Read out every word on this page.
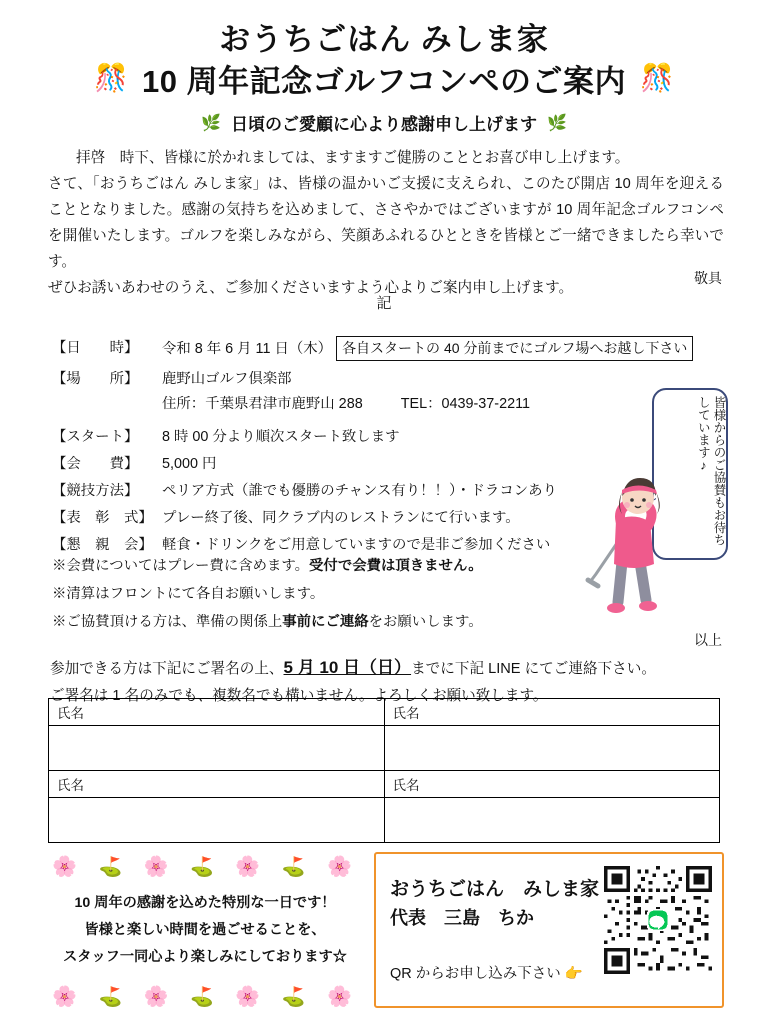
おうちごはん みしま家
🎊 10 周年記念ゴルフコンペのご案内 🎊
🌿 日頃のご愛顧に心より感謝申し上げます 🌿
拝啓　時下、皆様に於かれましては、ますますご健勝のこととお喜び申し上げます。
さて、「おうちごはん みしま家」は、皆様の温かいご支援に支えられ、このたび開店 10 周年を迎えることとなりました。感謝の気持ちを込めまして、ささやかではございますが 10 周年記念ゴルフコンペを開催いたします。ゴルフを楽しみながら、笑顔あふれるひとときを皆様とご一緒できましたら幸いです。
ぜひお誘いあわせのうえ、ご参加くださいますよう心よりご案内申し上げます。
敬具
記
【日　　時】	令和 8 年 6 月 11 日（木） 各自スタートの 40 分前までにゴルフ場へお越し下さい
【場　　所】	鹿野山ゴルフ倶楽部
住所：千葉県君津市鹿野山 288	TEL：0439-37-2211
【スタート】	8 時 00 分より順次スタート致します
【会　　費】	5,000 円
【競技方法】	ペリア方式（誰でも優勝のチャンス有り！！）・ドラコンあり
【表　彰　式】 プレー終了後、同クラブ内のレストランにて行います。
【懇　親　会】 軽食・ドリンクをご用意していますので是非ご参加ください	皆様からのご協賛もお待ちしています♪
※会費についてはプレー費に含めます。受付で会費は頂きません。
※清算はフロントにて各自お願いします。
※ご協賛頂ける方は、準備の関係上事前にご連絡をお願いします。
以上
参加できる方は下記にご署名の上、5 月 10 日（日）までに下記 LINE にてご連絡下さい。
ご署名は 1 名のみでも、複数名でも構いません。よろしくお願い致します。
氏名	氏名

氏名	氏名

🌸 ⛳ 🌸 ⛳ 🌸 ⛳ 🌸
10 周年の感謝を込めた特別な一日です！
皆様と楽しい時間を過ごせることを、
スタッフ一同心より楽しみにしております☆
🌸 ⛳ 🌸 ⛳ 🌸 ⛳ 🌸
おうちごはん　みしま家
代表　三島　ちか
QR からお申し込み下さい 👉
